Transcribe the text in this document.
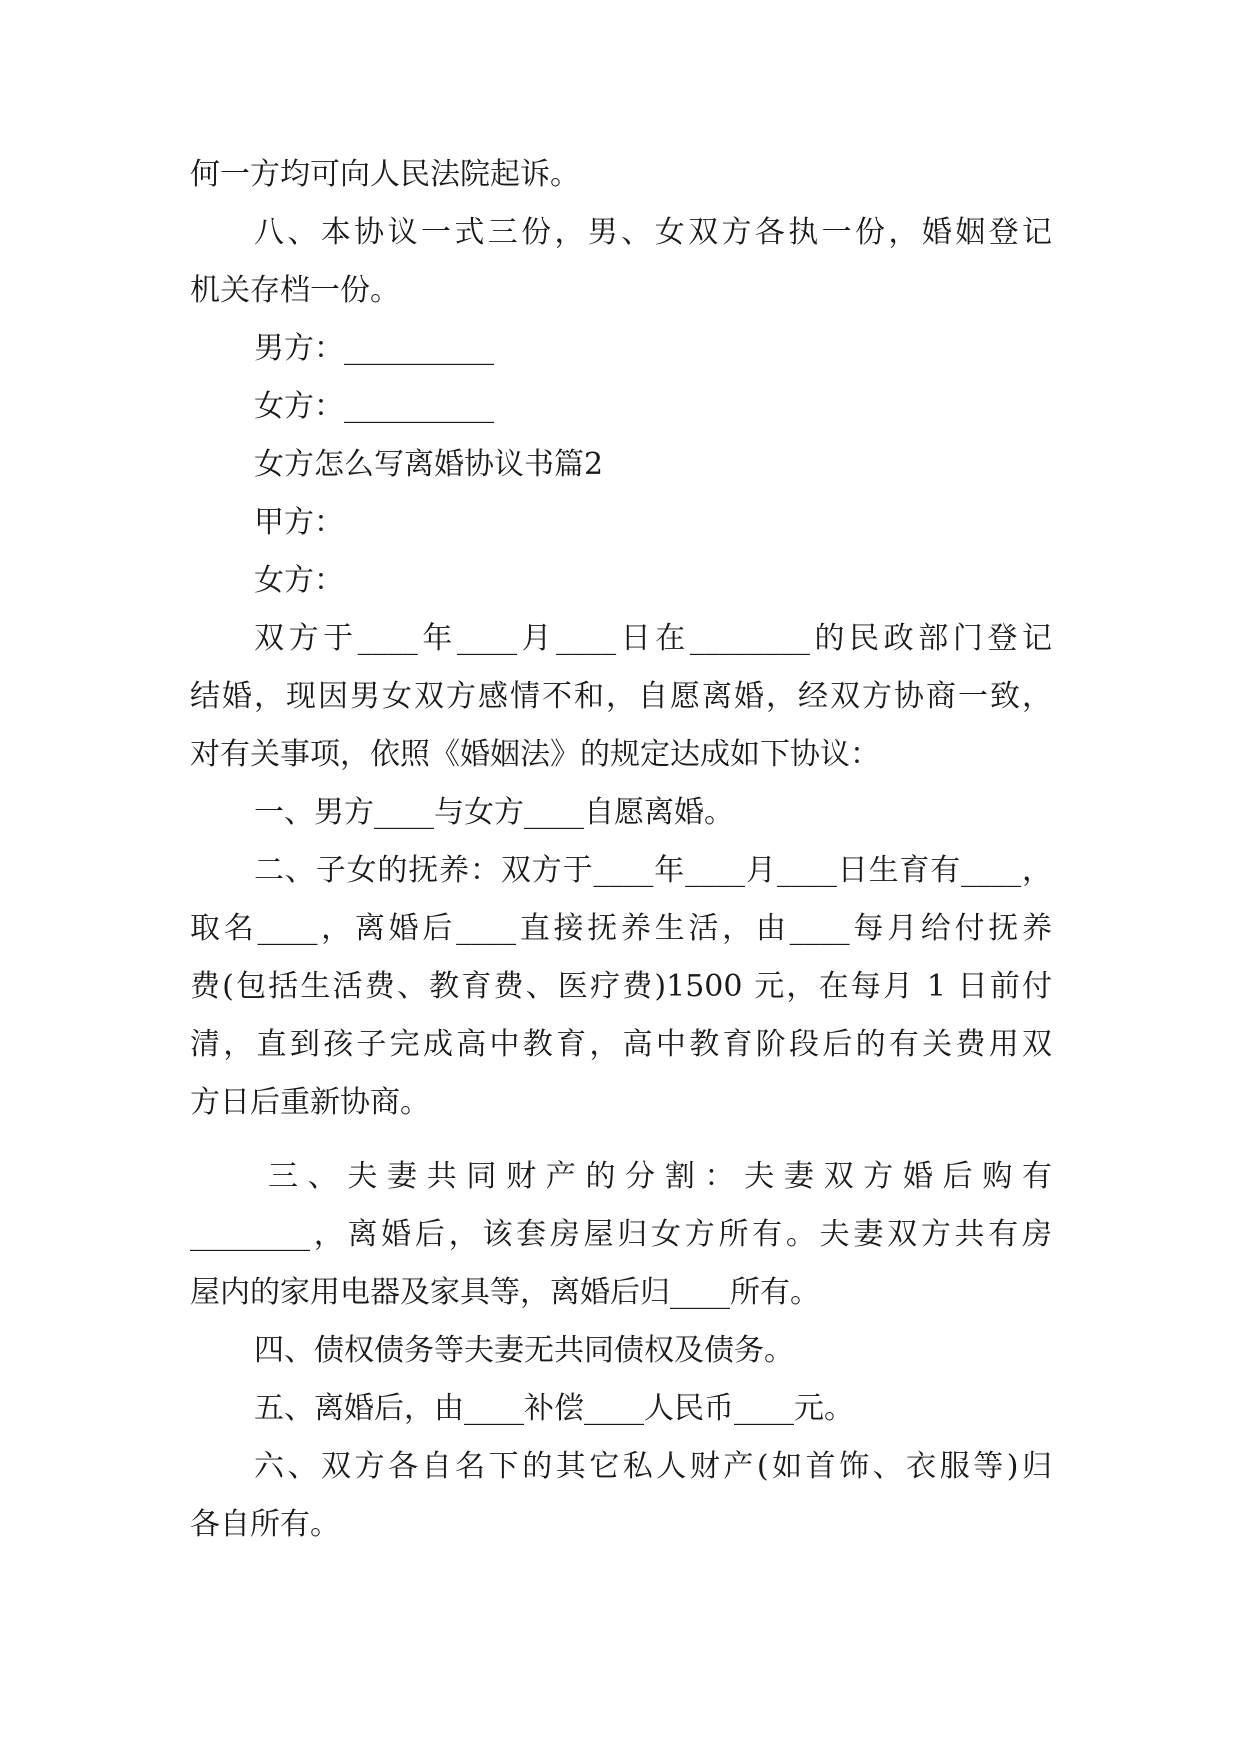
何一方均可向人民法院起诉。
八、本协议一式三份，男、女双方各执一份，婚姻登记
机关存档一份。
男方：__________
女方：__________
女方怎么写离婚协议书篇2
甲方：
女方：
双方于____年____月____日在________的民政部门登记
结婚，现因男女双方感情不和，自愿离婚，经双方协商一致，
对有关事项，依照《婚姻法》的规定达成如下协议：
一、男方____与女方____自愿离婚。
二、子女的抚养：双方于____年____月____日生育有____，
取名____，离婚后____直接抚养生活，由____每月给付抚养
费(包括生活费、教育费、医疗费)1500 元，在每月 1 日前付
清，直到孩子完成高中教育，高中教育阶段后的有关费用双
方日后重新协商。
三、夫妻共同财产的分割：夫妻双方婚后购有
________，离婚后，该套房屋归女方所有。夫妻双方共有房
屋内的家用电器及家具等，离婚后归____所有。
四、债权债务等夫妻无共同债权及债务。
五、离婚后，由____补偿____人民币____元。
六、双方各自名下的其它私人财产(如首饰、衣服等)归
各自所有。
